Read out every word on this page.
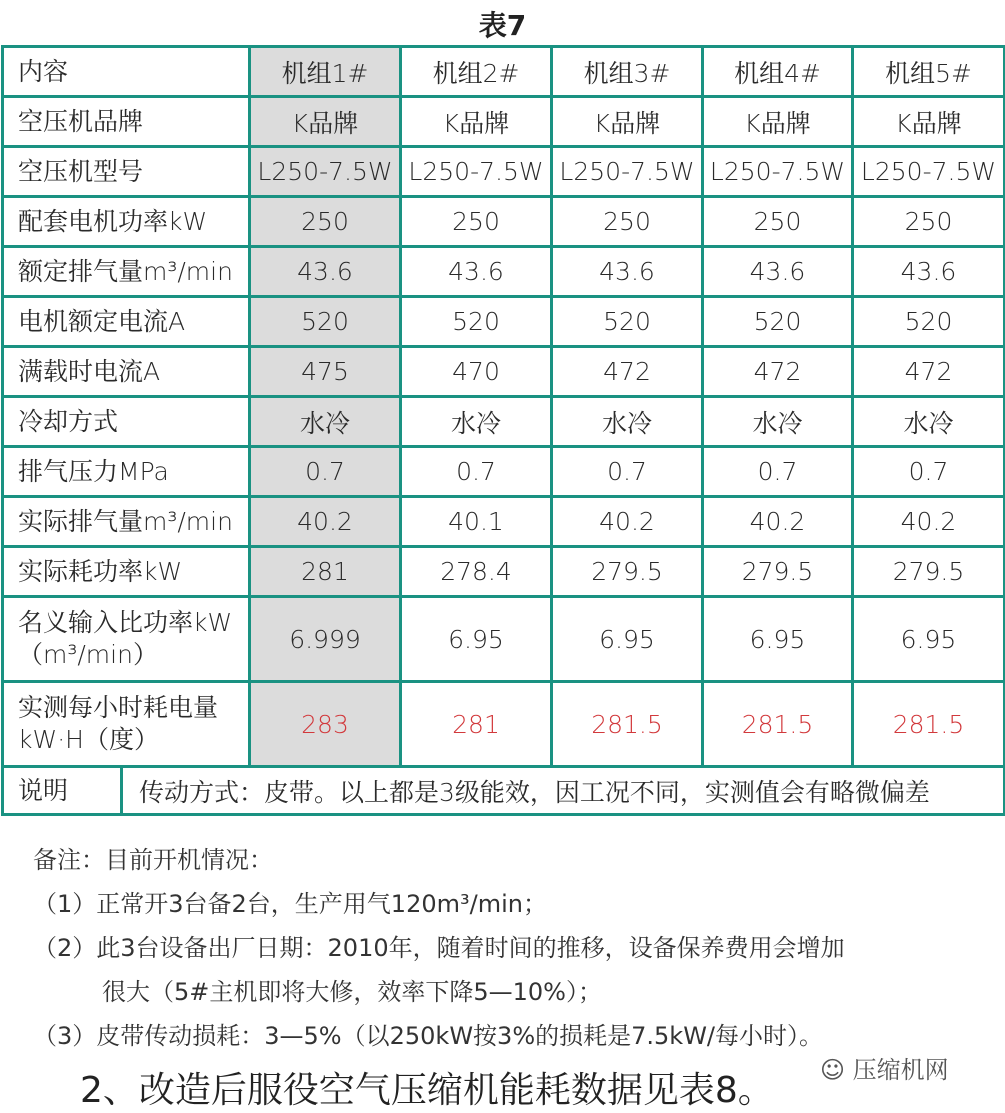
表7
内容	机组1#	机组2#	机组3#	机组4#	机组5#
空压机品牌	K品牌	K品牌	K品牌	K品牌	K品牌
空压机型号	L250-7.5W	L250-7.5W	L250-7.5W	L250-7.5W	L250-7.5W
配套电机功率kW	250	250	250	250	250
额定排气量m³/min	43.6	43.6	43.6	43.6	43.6
电机额定电流A	520	520	520	520	520
满载时电流A	475	470	472	472	472
冷却方式	水冷	水冷	水冷	水冷	水冷
排气压力MPa	0.7	0.7	0.7	0.7	0.7
实际排气量m³/min	40.2	40.1	40.2	40.2	40.2
实际耗功率kW	281	278.4	279.5	279.5	279.5
名义输入比功率kW（m³/min）	6.999	6.95	6.95	6.95	6.95
实测每小时耗电量kW·H（度）	283	281	281.5	281.5	281.5

说明 传动方式：皮带。以上都是3级能效，因工况不同，实测值会有略微偏差					
备注：目前开机情况：
（1）正常开3台备2台，生产用气120m³/min；
（2）此3台设备出厂日期：2010年，随着时间的推移，设备保养费用会增加
很大（5#主机即将大修，效率下降5—10%）；
（3）皮带传动损耗：3—5%（以250kW按3%的损耗是7.5kW/每小时）。
☺ 压缩机网
2、改造后服役空气压缩机能耗数据见表8。
